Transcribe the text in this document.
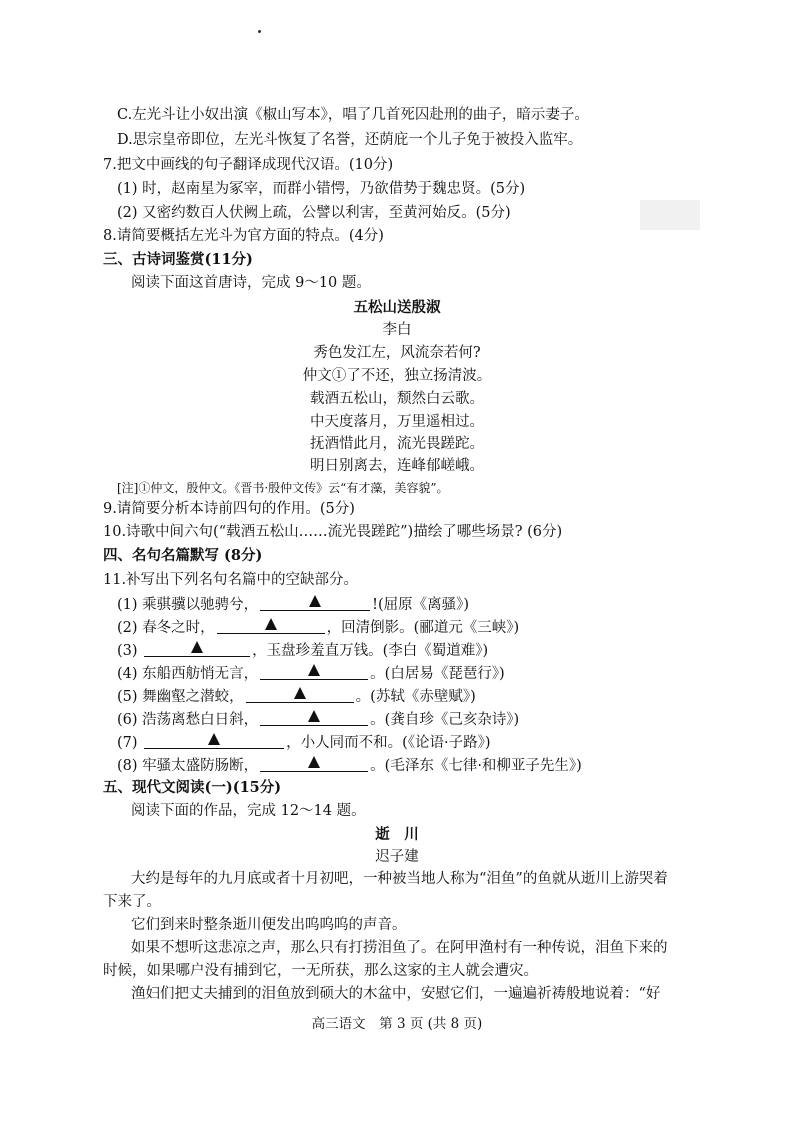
C.左光斗让小奴出演《椒山写本》，唱了几首死囚赴刑的曲子，暗示妻子。
D.思宗皇帝即位，左光斗恢复了名誉，还荫庇一个儿子免于被投入监牢。
7.把文中画线的句子翻译成现代汉语。(10分)
(1) 时，赵南星为冢宰，而群小错愕，乃欲借势于魏忠贤。(5分)
(2) 又密约数百人伏阙上疏，公譬以利害，至黄河始反。(5分)
8.请简要概括左光斗为官方面的特点。(4分)
三、古诗词鉴赏(11分)
阅读下面这首唐诗，完成 9～10 题。
五松山送殷淑
李白
秀色发江左，风流奈若何?
仲文①了不还，独立扬清波。
载酒五松山，颓然白云歌。
中天度落月，万里遥相过。
抚酒惜此月，流光畏蹉跎。
明日别离去，连峰郁嵯峨。
[注]①仲文，殷仲文。《晋书·殷仲文传》云“有才藻，美容貌”。
9.请简要分析本诗前四句的作用。(5分)
10.诗歌中间六句(“载酒五松山……流光畏蹉跎”)描绘了哪些场景? (6分)
四、名句名篇默写 (8分)
11.补写出下列名句名篇中的空缺部分。
(1) 乘骐骥以驰骋兮，	!(屈原《离骚》)
(2) 春冬之时，	，回清倒影。(郦道元《三峡》)
(3)	，玉盘珍羞直万钱。(李白《蜀道难》)
(4) 东船西舫悄无言，	。(白居易《琵琶行》)
(5) 舞幽壑之潜蛟，	。(苏轼《赤壁赋》)
(6) 浩荡离愁白日斜，	。(龚自珍《己亥杂诗》)
(7)	，小人同而不和。(《论语·子路》)
(8) 牢骚太盛防肠断，	。(毛泽东《七律·和柳亚子先生》)
五、现代文阅读(一)(15分)
阅读下面的作品，完成 12～14 题。
逝　川
迟子建
大约是每年的九月底或者十月初吧，一种被当地人称为“泪鱼”的鱼就从逝川上游哭着
下来了。
它们到来时整条逝川便发出呜呜呜的声音。
如果不想听这悲凉之声，那么只有打捞泪鱼了。在阿甲渔村有一种传说，泪鱼下来的
时候，如果哪户没有捕到它，一无所获，那么这家的主人就会遭灾。
渔妇们把丈夫捕到的泪鱼放到硕大的木盆中，安慰它们，一遍遍祈祷般地说着：“好
高三语文　第 3 页 (共 8 页)
